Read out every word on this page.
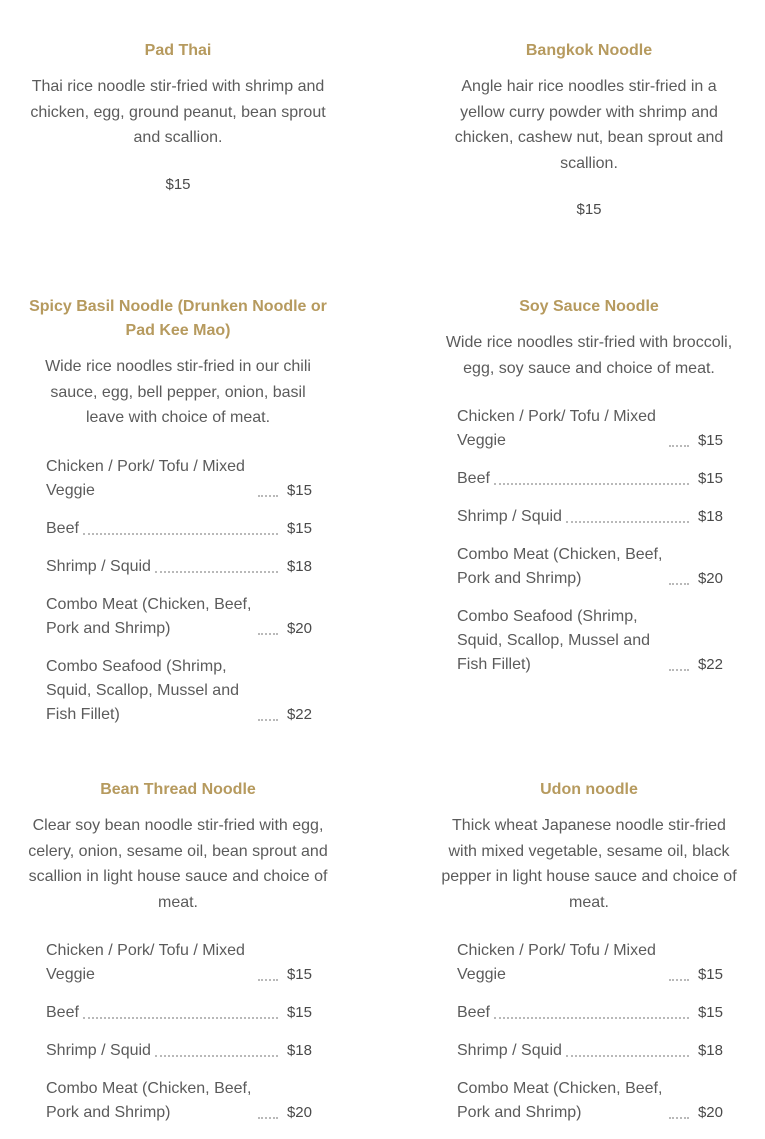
Pad Thai

Thai rice noodle stir-fried with shrimp and chicken, egg, ground peanut, bean sprout and scallion.

$15
Bangkok Noodle

Angle hair rice noodles stir-fried in a yellow curry powder with shrimp and chicken, cashew nut, bean sprout and scallion.

$15
Spicy Basil Noodle (Drunken Noodle or Pad Kee Mao)

Wide rice noodles stir-fried in our chili sauce, egg, bell pepper, onion, basil leave with choice of meat.

Chicken / Pork/ Tofu / Mixed Veggie	$15
Beef	$15
Shrimp / Squid	$18
Combo Meat (Chicken, Beef, Pork and Shrimp)	$20
Combo Seafood (Shrimp, Squid, Scallop, Mussel and Fish Fillet)	$22
Soy Sauce Noodle

Wide rice noodles stir-fried with broccoli, egg, soy sauce and choice of meat.

Chicken / Pork/ Tofu / Mixed Veggie	$15
Beef	$15
Shrimp / Squid	$18
Combo Meat (Chicken, Beef, Pork and Shrimp)	$20
Combo Seafood (Shrimp, Squid, Scallop, Mussel and Fish Fillet)	$22
Bean Thread Noodle

Clear soy bean noodle stir-fried with egg, celery, onion, sesame oil, bean sprout and scallion in light house sauce and choice of meat.

Chicken / Pork/ Tofu / Mixed Veggie	$15
Beef	$15
Shrimp / Squid	$18
Combo Meat (Chicken, Beef, Pork and Shrimp)	$20
Udon noodle

Thick wheat Japanese noodle stir-fried with mixed vegetable, sesame oil, black pepper in light house sauce and choice of meat.

Chicken / Pork/ Tofu / Mixed Veggie	$15
Beef	$15
Shrimp / Squid	$18
Combo Meat (Chicken, Beef, Pork and Shrimp)	$20
